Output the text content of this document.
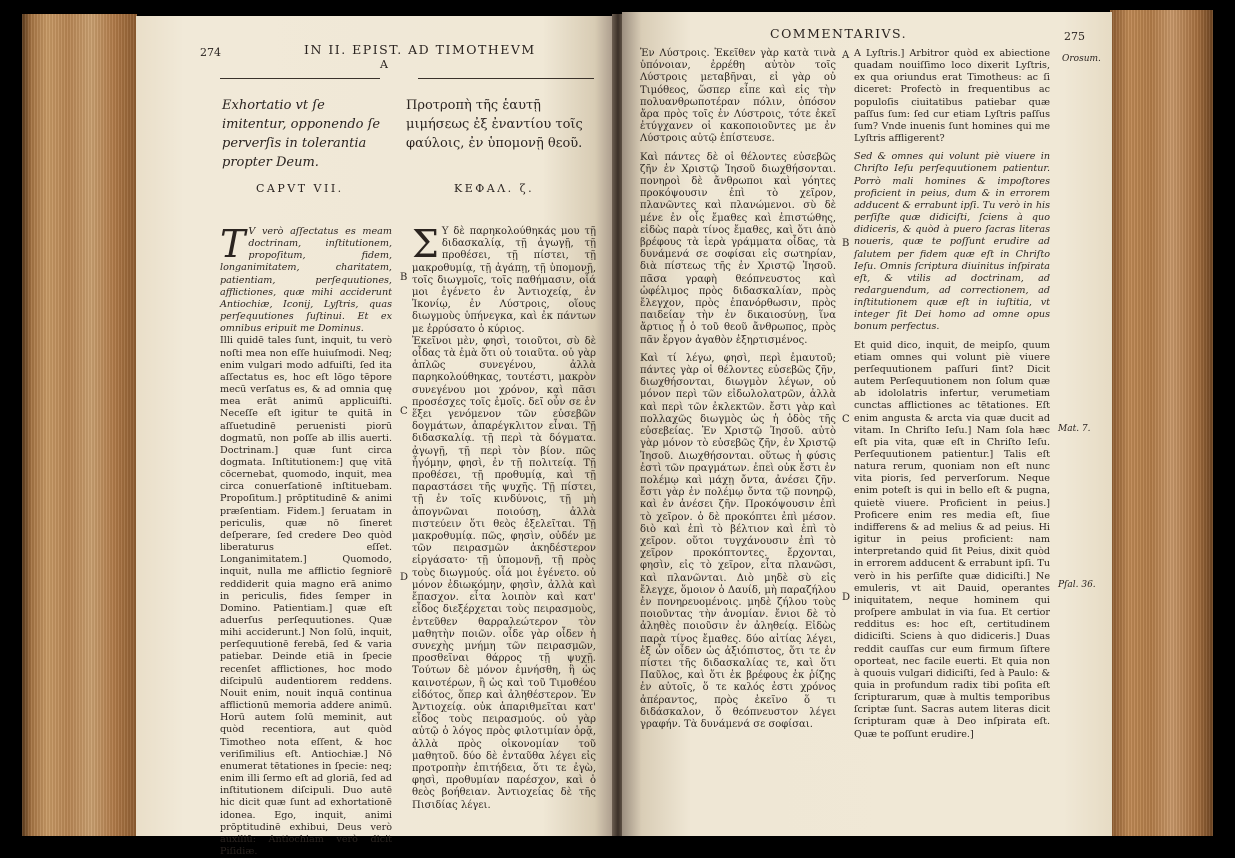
274	IN II. EPIST. AD TIMOTHEVM
A
Exhortatio vt ſe imitentur, opponendo ſe perverſis in tolerantia propter Deum.
Προτροπὴ τῆς ἑαυτῇ μιμήσεως ἐξ ἐναντίου τοῖς φαύλοις, ἐν ὑπομονῇ θεοῦ.
CAPVT VII.	ΚΕΦΑΛ. ζ.

T V verò aſſectatus es meam doctrinam, inſtitutionem, propoſitum, fidem, longanimitatem, charitatem, patientiam, perſequutiones, afflictiones, quæ mihi acciderunt Antiochiæ, Iconij, Lyſtris, quas perſequutiones ſuſtinui. Et ex omnibus eripuit me Dominus.

Illi quidē tales ſunt, inquit, tu verò noſti mea non eſſe huiuſmodi. Neq; enim vulgari modo adfuiſti, ſed ita aſſectatus es, hoc eſt lōgo tēpore mecū verſatus es, & ad omnia quę mea erāt animū applicuiſti. Neceſſe eſt igitur te quitā in aſſuetudinē peruenisti piorū dogmatū, non poſſe ab illis auerti. Doctrinam.] quæ ſunt circa dogmata. Inſtitutionem:] quę vitā cōcernebat, quomodo, inquit, mea circa conuerſationē inſtituebam. Propoſitum.] prōptitudinē & animi præſentiam. Fidem.] ſeruatam in periculis, quæ nō ſineret deſperare, ſed credere Deo quòd liberaturus eſſet. Longanimitatem.] Quomodo, inquit, nulla me afflictio ſegniorē reddiderit quia magno erā animo in periculis, fides ſemper in Domino. Patientiam.] quæ eſt aduerſus perſequutiones. Quæ mihi acciderunt.] Non ſolū, inquit, perſequutionē ferebā, ſed & varia patiebar. Deinde etiā in ſpecie recenſet afflictiones, hoc modo diſcipulū audentiorem reddens. Nouit enim, nouit inquā continua afflictionū memoria addere animū. Horū autem ſolū meminit, aut quòd recentiora, aut quòd Timotheo nota eſſent, & hoc veriſimilius eſt. Antiochiæ.] Nō enumerat tētationes in ſpecie: neq; enim illi ſermo eſt ad gloriā, ſed ad inſtitutionem diſcipuli. Duo autē hic dicit quæ ſunt ad exhortationē idonea. Ego, inquit, animi prōptitudinē exhibui, Deus verò auxiliū: Antiochiam verò dicit Piſidiæ.

B
C
D

Σ Υ δὲ παρηκολούθηκάς μου τῇ διδασκαλίᾳ, τῇ ἀγωγῇ, τῇ προθέσει, τῇ πίστει, τῇ μακροθυμίᾳ, τῇ ἀγάπῃ, τῇ ὑπομονῇ, τοῖς διωγμοῖς, τοῖς παθήμασιν, οἷά μοι ἐγένετο ἐν Ἀντιοχείᾳ, ἐν Ἰκονίῳ, ἐν Λύστροις, οἵους διωγμοὺς ὑπήνεγκα, καὶ ἐκ πάντων με ἐρρύσατο ὁ κύριος.

Ἐκεῖνοι μὲν, φησὶ, τοιοῦτοι, σὺ δὲ οἶδας τὰ ἐμὰ ὅτι οὐ τοιαῦτα. οὐ γὰρ ἁπλῶς συνεγένου, ἀλλὰ παρηκολούθηκας, τουτέστι, μακρὸν συνεγένου μοι χρόνον, καὶ πᾶσι προσέσχες τοῖς ἐμοῖς. δεῖ οὖν σε ἐν ἕξει γενόμενον τῶν εὐσεβῶν δογμάτων, ἀπαρέγκλιτον εἶναι. Τῇ διδασκαλίᾳ. τῇ περὶ τὰ δόγματα. ἀγωγῇ, τῇ περὶ τὸν βίον. πῶς ἦγόμην, φησὶ, ἐν τῇ πολιτείᾳ. Τῇ προθέσει, τῇ προθυμίᾳ, καὶ τῇ παραστάσει τῆς ψυχῆς. Τῇ πίστει, τῇ ἐν τοῖς κινδύνοις, τῇ μὴ ἀπογνῶναι ποιούσῃ, ἀλλὰ πιστεύειν ὅτι θεὸς ἐξελεῖται. Τῇ μακροθυμίᾳ. πῶς, φησὶν, οὐδέν με τῶν πειρασμῶν ἀκηδέστερον εἰργάσατο· τῇ ὑπομονῇ, τῇ πρὸς τοὺς διωγμούς. οἷά μοι ἐγένετο. οὐ μόνον ἐδιωκόμην, φησὶν, ἀλλὰ καὶ ἔπασχον. εἶτα λοιπὸν καὶ κατ' εἶδος διεξέρχεται τοὺς πειρασμοὺς, ἐντεῦθεν θαρραλεώτερον τὸν μαθητὴν ποιῶν. οἶδε γὰρ οἶδεν ἡ συνεχὴς μνήμη τῶν πειρασμῶν, προσθεῖναι θάρρος τῇ ψυχῇ. Τούτων δὲ μόνον ἐμνήσθη, ἢ ὡς καινοτέρων, ἢ ὡς καὶ τοῦ Τιμοθέου εἰδότος, ὅπερ καὶ ἀληθέστερον. Ἐν Ἀντιοχείᾳ. οὐκ ἀπαριθμεῖται κατ' εἶδος τοὺς πειρασμούς. οὐ γὰρ αὐτῷ ὁ λόγος πρὸς φιλοτιμίαν ὁρᾷ, ἀλλὰ πρὸς οἰκονομίαν τοῦ μαθητοῦ. δύο δὲ ἐνταῦθα λέγει εἰς προτροπὴν ἐπιτήδεια, ὅτι τε ἐγὼ, φησὶ, προθυμίαν παρέσχον, καὶ ὁ θεὸς βοήθειαν. Ἀντιοχείας δὲ τῆς Πισιδίας λέγει.

COMMENTARIVS.	275

Ἐν Λύστροις. Ἐκεῖθεν γὰρ κατὰ τινὰ ὑπόνοιαν, ἐρρέθη αὐτὸν τοῖς Λύστροις μεταβῆναι, εἰ γὰρ οὐ Τιμόθεος, ὥσπερ εἶπε καὶ εἰς τὴν πολυανθρωποτέραν πόλιν, ὁπόσον ἄρα πρὸς τοῖς ἐν Λύστροις, τότε ἐκεῖ ἐτύγχανεν οἱ κακοποιοῦντες με ἐν Λύστροις αὐτῷ ἐπίστευσε.

Καὶ πάντες δὲ οἱ θέλοντες εὐσεβῶς ζῆν ἐν Χριστῷ Ἰησοῦ διωχθήσονται. πονηροὶ δὲ ἄνθρωποι καὶ γόητες προκόψουσιν ἐπὶ τὸ χεῖρον, πλανῶντες καὶ πλανώμενοι. σὺ δὲ μένε ἐν οἷς ἔμαθες καὶ ἐπιστώθης, εἰδὼς παρὰ τίνος ἔμαθες, καὶ ὅτι ἀπὸ βρέφους τὰ ἱερὰ γράμματα οἶδας, τὰ δυνάμενά σε σοφίσαι εἰς σωτηρίαν, διὰ πίστεως τῆς ἐν Χριστῷ Ἰησοῦ. πᾶσα γραφὴ θεόπνευστος καὶ ὠφέλιμος πρὸς διδασκαλίαν, πρὸς ἔλεγχον, πρὸς ἐπανόρθωσιν, πρὸς παιδείαν τὴν ἐν δικαιοσύνῃ, ἵνα ἄρτιος ᾖ ὁ τοῦ θεοῦ ἄνθρωπος, πρὸς πᾶν ἔργον ἀγαθὸν ἐξηρτισμένος.

Καὶ τί λέγω, φησὶ, περὶ ἐμαυτοῦ; πάντες γὰρ οἱ θέλοντες εὐσεβῶς ζῆν, διωχθήσονται, διωγμὸν λέγων, οὐ μόνον περὶ τῶν εἰδωλολατρῶν, ἀλλὰ καὶ περὶ τῶν ἐκλεκτῶν. ἔστι γὰρ καὶ πολλαχῶς διωγμὸς ὡς ἡ ὁδὸς τῆς εὐσεβείας. Ἐν Χριστῷ Ἰησοῦ. αὐτὸ γὰρ μόνον τὸ εὐσεβῶς ζῆν, ἐν Χριστῷ Ἰησοῦ. Διωχθήσονται. οὕτως ἡ φύσις ἐστὶ τῶν πραγμάτων. ἐπεὶ οὐκ ἔστι ἐν πολέμῳ καὶ μάχῃ ὄντα, ἀνέσει ζῆν. ἔστι γὰρ ἐν πολέμῳ ὄντα τῷ πονηρῷ, καὶ ἐν ἀνέσει ζῆν. Προκόψουσιν ἐπὶ τὸ χεῖρον. ὁ δὲ προκόπτει ἐπὶ μέσον. διὸ καὶ ἐπὶ τὸ βέλτιον καὶ ἐπὶ τὸ χεῖρον. οὕτοι τυγχάνουσιν ἐπὶ τὸ χεῖρον προκόπτοντες. ἔρχονται, φησὶν, εἰς τὸ χεῖρον, εἶτα πλανῶσι, καὶ πλανῶνται. Διὸ μηδὲ σὺ εἰς ἔλεγχε, ὅμοιον ὁ Δαυίδ, μὴ παραζήλου ἐν πονηρευομένοις. μηδὲ ζήλου τοὺς ποιοῦντας τὴν ἀνομίαν. ἔνιοι δὲ τὸ ἀληθὲς ποιοῦσιν ἐν ἀληθείᾳ. Εἰδὼς παρὰ τίνος ἔμαθες. δύο αἰτίας λέγει, ἐξ ὧν οἶδεν ὡς ἀξιόπιστος, ὅτι τε ἐν πίστει τῆς διδασκαλίας τε, καὶ ὅτι Παῦλος, καὶ ὅτι ἐκ βρέφους ἐκ ῥίζης ἐν αὐτοῖς, ὅ τε καλός ἐστι χρόνος ἀπέραντος, πρὸς ἐκεῖνο ὅ τι διδάσκαλον, ὅ θεόπνευστον λέγει γραφήν. Τὰ δυνάμενά σε σοφίσαι.

A
B
C
D

A Lyſtris.] Arbitror quòd ex abiectione quadam nouiſſimo loco dixerit Lyſtris, ex qua oriundus erat Timotheus: ac ſi diceret: Profectò in frequentibus ac populoſis ciuitatibus patiebar quæ paſſus ſum: ſed cur etiam Lyſtris paſſus ſum? Vnde inuenis ſunt homines qui me Lyſtris affligerent?

Sed & omnes qui volunt piè viuere in Chriſto Ieſu perſequutionem patientur. Porrò mali homines & impoſtores proficient in peius, dum & in errorem adducent & errabunt ipſi. Tu verò in his perſiſte quæ didiciſti, ſciens à quo didiceris, & quòd à puero ſacras literas noueris, quæ te poſſunt erudire ad ſalutem per fidem quæ eſt in Chriſto Ieſu. Omnis ſcriptura diuinitus inſpirata eſt, & vtilis ad doctrinam, ad redarguendum, ad correctionem, ad inſtitutionem quæ eſt in iuſtitia, vt integer ſit Dei homo ad omne opus bonum perfectus.

Et quid dico, inquit, de meipſo, quum etiam omnes qui volunt piè viuere perſequutionem paſſuri ſint? Dicit autem Perſequutionem non ſolum quæ ab idololatris infertur, verumetiam cunctas afflictiones ac tētationes. Eſt enim angusta & arcta via quæ ducit ad vitam. In Chriſto Ieſu.] Nam ſola hæc eſt pia vita, quæ eſt in Chriſto Ieſu. Perſequutionem patientur.] Talis eſt natura rerum, quoniam non eſt nunc vita pioris, ſed perverſorum. Neque enim poteſt is qui in bello eſt & pugna, quietè viuere. Proficient in peius.] Proficere enim res media eſt, ſiue indifferens & ad melius & ad peius. Hi igitur in peius proficient: nam interpretando quid ſit Peius, dixit quòd in errorem adducent & errabunt ipſi. Tu verò in his perſiſte quæ didiciſti.] Ne emuleris, vt ait Dauid, operantes iniquitatem, neque hominem qui proſpere ambulat in via ſua. Et certior redditus es: hoc eſt, certitudinem didiciſti. Sciens à quo didiceris.] Duas reddit cauſſas cur eum firmum ſiſtere oporteat, nec facile euerti. Et quia non à quouis vulgari didiciſti, ſed à Paulo: & quia in profundum radix tibi poſita eſt ſcripturarum, quæ à multis temporibus ſcriptæ ſunt. Sacras autem literas dicit ſcripturam quæ à Deo inſpirata eſt. Quæ te poſſunt erudire.]

Orosum.
Mat. 7.
Pſal. 36.
